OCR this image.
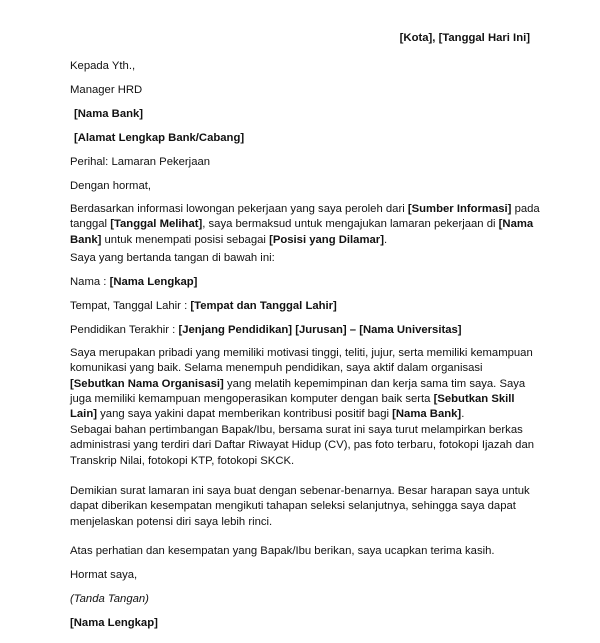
[Kota], [Tanggal Hari Ini]
Kepada Yth.,
Manager HRD
[Nama Bank]
[Alamat Lengkap Bank/Cabang]
Perihal: Lamaran Pekerjaan
Dengan hormat,
Berdasarkan informasi lowongan pekerjaan yang saya peroleh dari [Sumber Informasi] pada tanggal [Tanggal Melihat], saya bermaksud untuk mengajukan lamaran pekerjaan di [Nama Bank] untuk menempati posisi sebagai [Posisi yang Dilamar].
Saya yang bertanda tangan di bawah ini:
Nama : [Nama Lengkap]
Tempat, Tanggal Lahir : [Tempat dan Tanggal Lahir]
Pendidikan Terakhir : [Jenjang Pendidikan] [Jurusan] – [Nama Universitas]
Saya merupakan pribadi yang memiliki motivasi tinggi, teliti, jujur, serta memiliki kemampuan komunikasi yang baik. Selama menempuh pendidikan, saya aktif dalam organisasi [Sebutkan Nama Organisasi] yang melatih kepemimpinan dan kerja sama tim saya. Saya juga memiliki kemampuan mengoperasikan komputer dengan baik serta [Sebutkan Skill Lain] yang saya yakini dapat memberikan kontribusi positif bagi [Nama Bank].
Sebagai bahan pertimbangan Bapak/Ibu, bersama surat ini saya turut melampirkan berkas administrasi yang terdiri dari Daftar Riwayat Hidup (CV), pas foto terbaru, fotokopi Ijazah dan Transkrip Nilai, fotokopi KTP, fotokopi SKCK.
Demikian surat lamaran ini saya buat dengan sebenar-benarnya. Besar harapan saya untuk dapat diberikan kesempatan mengikuti tahapan seleksi selanjutnya, sehingga saya dapat menjelaskan potensi diri saya lebih rinci.
Atas perhatian dan kesempatan yang Bapak/Ibu berikan, saya ucapkan terima kasih.
Hormat saya,
(Tanda Tangan)
[Nama Lengkap]
